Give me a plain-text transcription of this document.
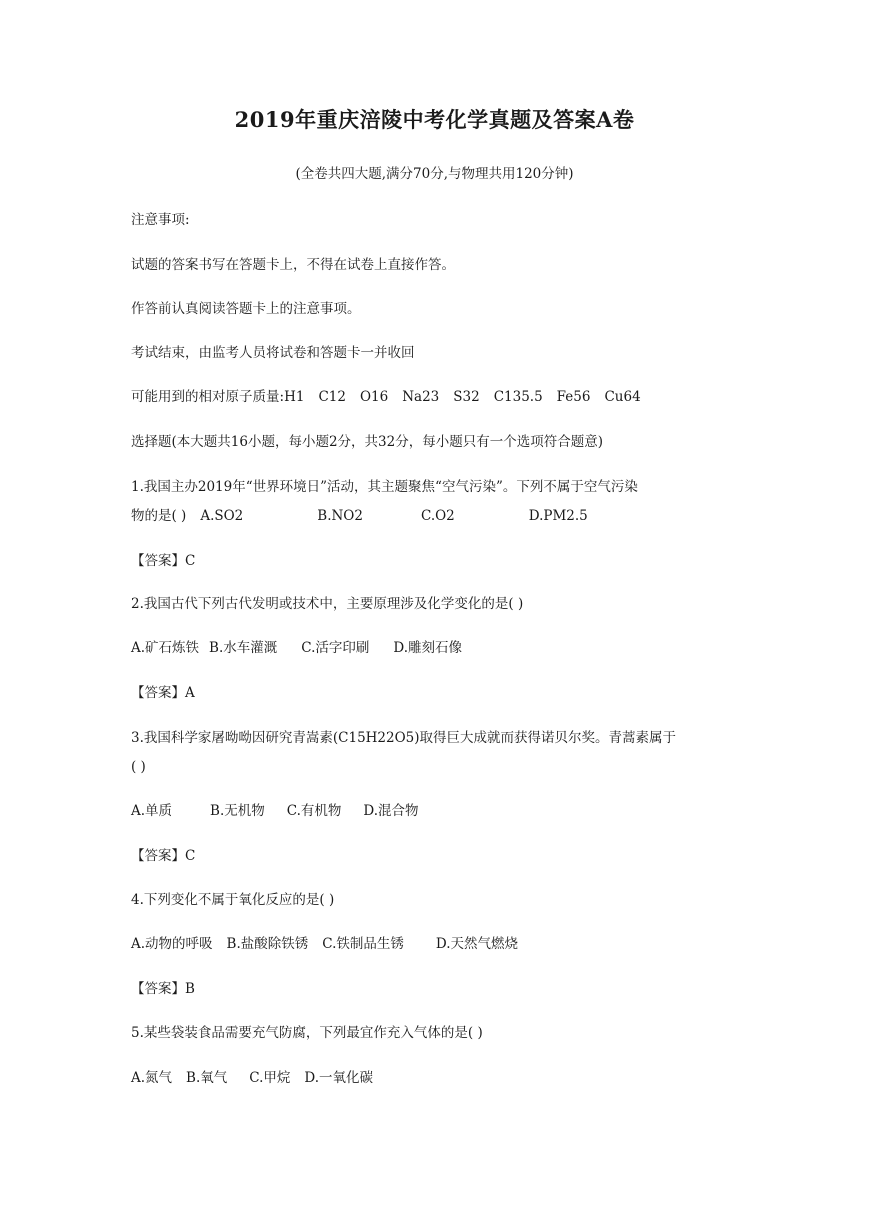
2019年重庆涪陵中考化学真题及答案A卷
(全卷共四大题,满分70分,与物理共用120分钟)
注意事项:
试题的答案书写在答题卡上，不得在试卷上直接作答。
作答前认真阅读答题卡上的注意事项。
考试结束，由监考人员将试卷和答题卡一并收回
可能用到的相对原子质量:H1 C12 O16 Na23 S32 C135.5 Fe56 Cu64
选择题(本大题共16小题，每小题2分，共32分，每小题只有一个选项符合题意)
1.我国主办2019年“世界环境日”活动，其主题聚焦“空气污染”。下列不属于空气污染
物的是( ) A.SO2	B.NO2	C.O2	D.PM2.5
【答案】C
2.我国古代下列古代发明或技术中，主要原理涉及化学变化的是( )
A.矿石炼铁 B.水车灌溉 C.活字印刷 D.雕刻石像
【答案】A
3.我国科学家屠呦呦因研究青嵩素(C15H22O5)取得巨大成就而获得诺贝尔奖。青蒿素属于
( )
A.单质	B.无机物 C.有机物 D.混合物
【答案】C
4.下列变化不属于氧化反应的是( )
A.动物的呼吸 B.盐酸除铁锈 C.铁制品生锈 D.天然气燃烧
【答案】B
5.某些袋装食品需要充气防腐，下列最宜作充入气体的是( )
A.氮气 B.氧气 C.甲烷 D.一氧化碳
